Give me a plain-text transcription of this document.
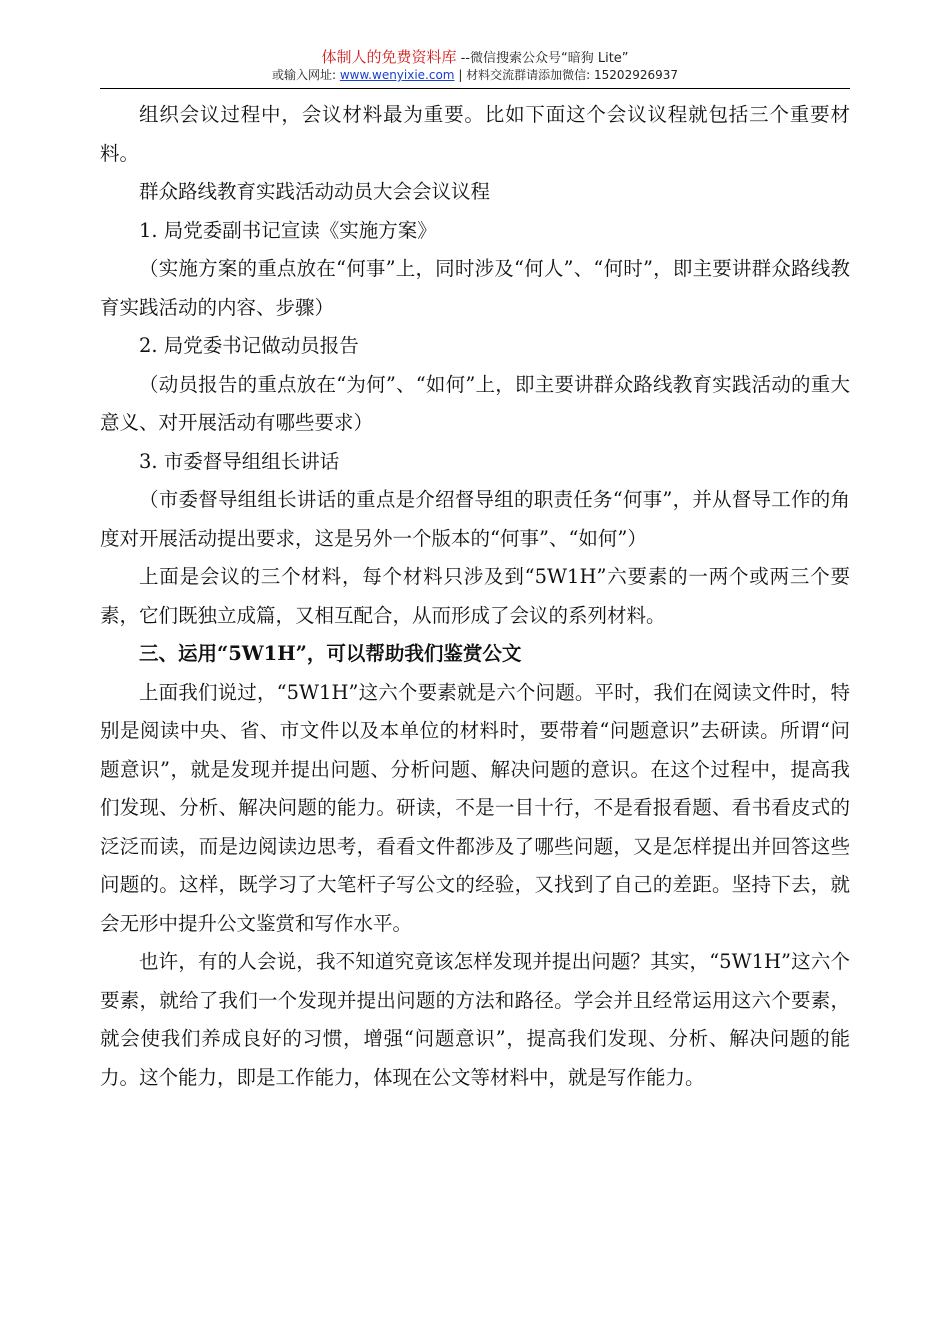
体制人的免费资料库 --微信搜索公众号“暗狗 Lite”
或输入网址: www.wenyixie.com | 材料交流群请添加微信: 15202926937

组织会议过程中，会议材料最为重要。比如下面这个会议议程就包括三个重要材料。

群众路线教育实践活动动员大会会议议程

1. 局党委副书记宣读《实施方案》

（实施方案的重点放在“何事”上，同时涉及“何人”、“何时”，即主要讲群众路线教育实践活动的内容、步骤）

2. 局党委书记做动员报告

（动员报告的重点放在“为何”、“如何”上，即主要讲群众路线教育实践活动的重大意义、对开展活动有哪些要求）

3. 市委督导组组长讲话

（市委督导组组长讲话的重点是介绍督导组的职责任务“何事”，并从督导工作的角度对开展活动提出要求，这是另外一个版本的“何事”、“如何”）

上面是会议的三个材料，每个材料只涉及到“5W1H”六要素的一两个或两三个要素，它们既独立成篇，又相互配合，从而形成了会议的系列材料。

三、运用“5W1H”，可以帮助我们鉴赏公文

上面我们说过，“5W1H”这六个要素就是六个问题。平时，我们在阅读文件时，特别是阅读中央、省、市文件以及本单位的材料时，要带着“问题意识”去研读。所谓“问题意识”，就是发现并提出问题、分析问题、解决问题的意识。在这个过程中，提高我们发现、分析、解决问题的能力。研读，不是一目十行，不是看报看题、看书看皮式的泛泛而读，而是边阅读边思考，看看文件都涉及了哪些问题，又是怎样提出并回答这些问题的。这样，既学习了大笔杆子写公文的经验，又找到了自己的差距。坚持下去，就会无形中提升公文鉴赏和写作水平。

也许，有的人会说，我不知道究竟该怎样发现并提出问题？其实，“5W1H”这六个要素，就给了我们一个发现并提出问题的方法和路径。学会并且经常运用这六个要素，就会使我们养成良好的习惯，增强“问题意识”，提高我们发现、分析、解决问题的能力。这个能力，即是工作能力，体现在公文等材料中，就是写作能力。
